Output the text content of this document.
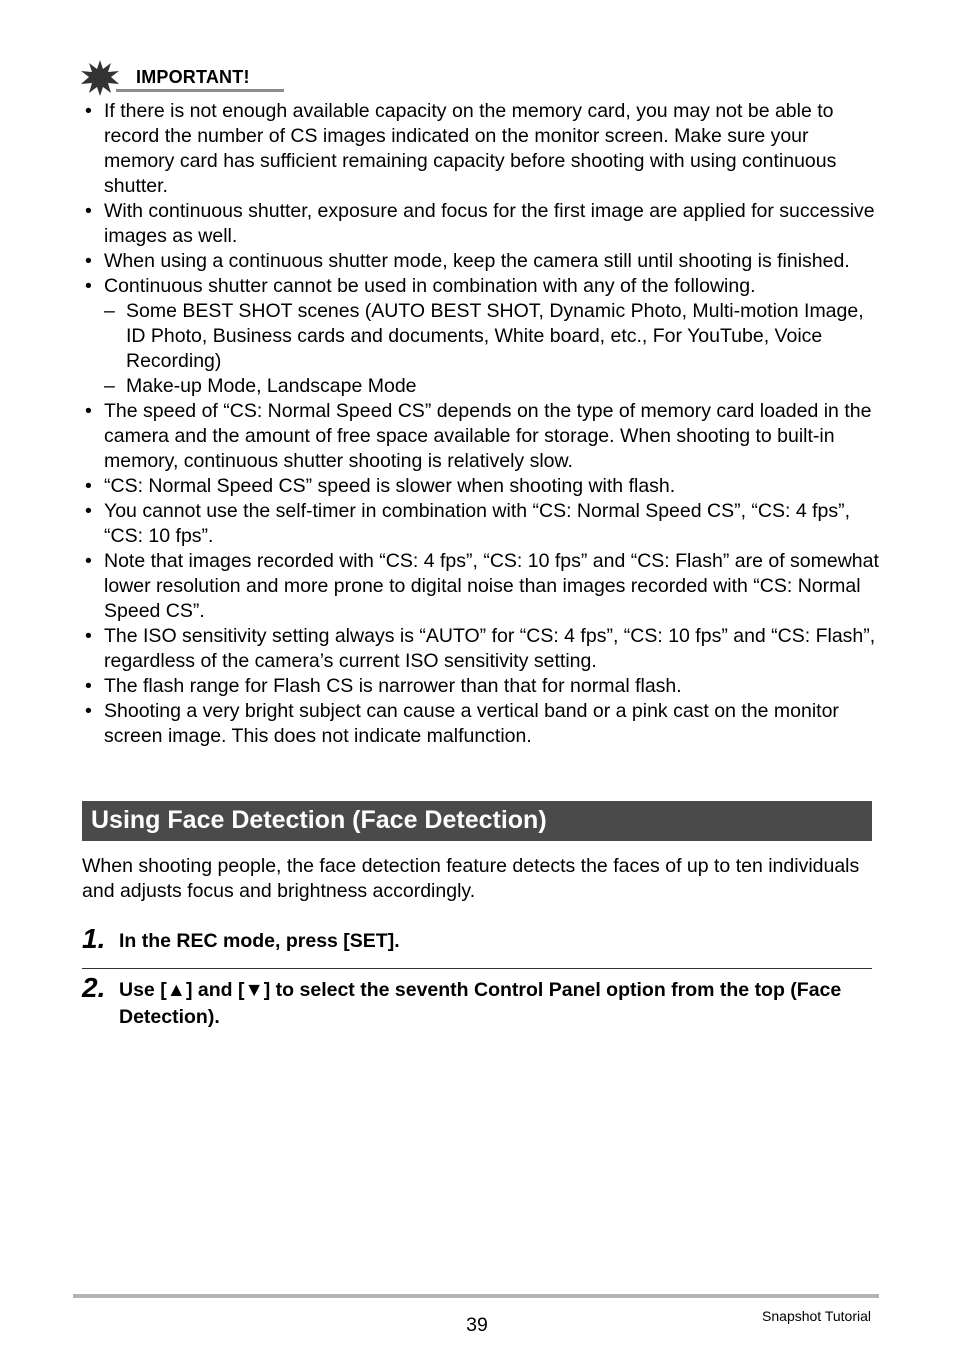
IMPORTANT!
• If there is not enough available capacity on the memory card, you may not be able to record the number of CS images indicated on the monitor screen. Make sure your memory card has sufficient remaining capacity before shooting with using continuous shutter.
• With continuous shutter, exposure and focus for the first image are applied for successive images as well.
• When using a continuous shutter mode, keep the camera still until shooting is finished.
• Continuous shutter cannot be used in combination with any of the following.
– Some BEST SHOT scenes (AUTO BEST SHOT, Dynamic Photo, Multi-motion Image, ID Photo, Business cards and documents, White board, etc., For YouTube, Voice Recording)
– Make-up Mode, Landscape Mode
• The speed of “CS: Normal Speed CS” depends on the type of memory card loaded in the camera and the amount of free space available for storage. When shooting to built-in memory, continuous shutter shooting is relatively slow.
• “CS: Normal Speed CS” speed is slower when shooting with flash.
• You cannot use the self-timer in combination with “CS: Normal Speed CS”, “CS: 4 fps”, “CS: 10 fps”.
• Note that images recorded with “CS: 4 fps”, “CS: 10 fps” and “CS: Flash” are of somewhat lower resolution and more prone to digital noise than images recorded with “CS: Normal Speed CS”.
• The ISO sensitivity setting always is “AUTO” for “CS: 4 fps”, “CS: 10 fps” and “CS: Flash”, regardless of the camera’s current ISO sensitivity setting.
• The flash range for Flash CS is narrower than that for normal flash.
• Shooting a very bright subject can cause a vertical band or a pink cast on the monitor screen image. This does not indicate malfunction.
Using Face Detection (Face Detection)

When shooting people, the face detection feature detects the faces of up to ten individuals and adjusts focus and brightness accordingly.

1. In the REC mode, press [SET].
2. Use [▲] and [▼] to select the seventh Control Panel option from the top (Face Detection).
39	Snapshot Tutorial
